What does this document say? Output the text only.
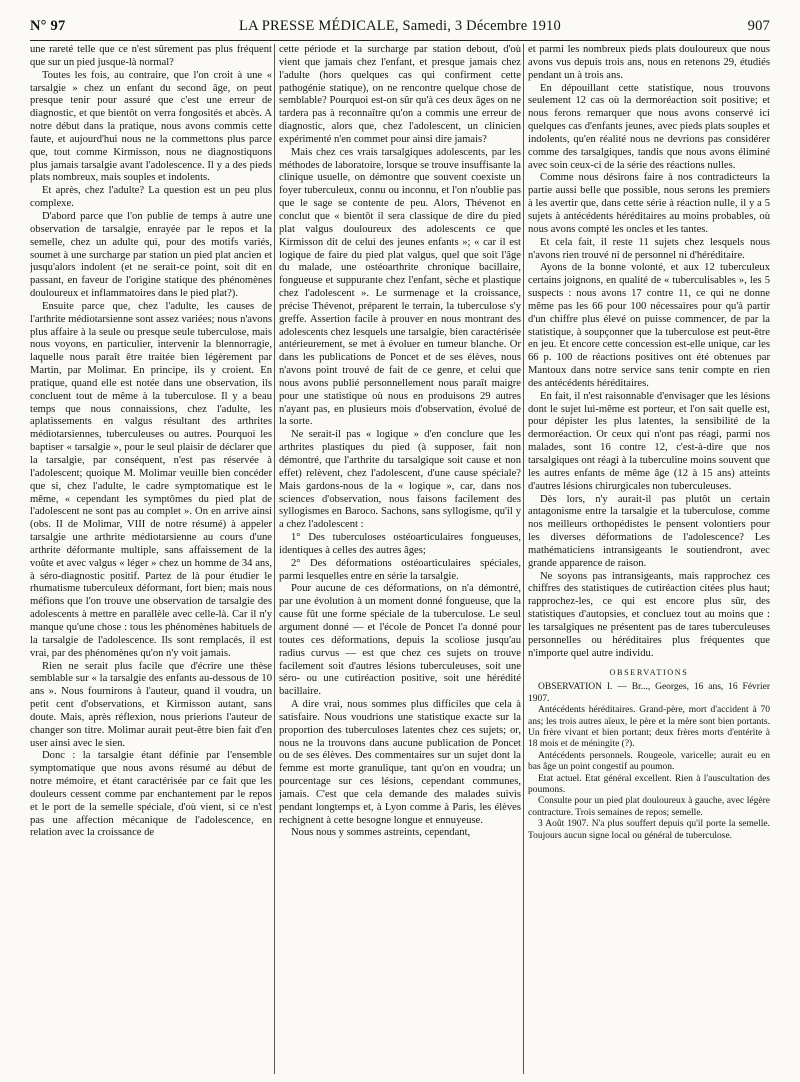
N° 97	LA PRESSE MÉDICALE, Samedi, 3 Décembre 1910	907

une rareté telle que ce n'est sûrement pas plus fréquent que sur un pied jusque-là normal?

Toutes les fois, au contraire, que l'on croit à une « tarsalgie » chez un enfant du second âge, on peut presque tenir pour assuré que c'est une erreur de diagnostic, et que bientôt on verra fongosités et abcès. A notre début dans la pratique, nous avons commis cette faute, et aujourd'hui nous ne la commettons plus parce que, tout comme Kirmisson, nous ne diagnostiquons plus jamais tarsalgie avant l'adolescence. Il y a des pieds plats nombreux, mais souples et indolents.

Et après, chez l'adulte? La question est un peu plus complexe.

D'abord parce que l'on publie de temps à autre une observation de tarsalgie, enrayée par le repos et la semelle, chez un adulte qui, pour des motifs variés, soumet à une surcharge par station un pied plat ancien et jusqu'alors indolent (et ne serait-ce point, soit dit en passant, en faveur de l'origine statique des phénomènes douloureux et inflammatoires dans le pied plat?).

Ensuite parce que, chez l'adulte, les causes de l'arthrite médiotarsienne sont assez variées; nous n'avons plus affaire à la seule ou presque seule tuberculose, mais nous voyons, en particulier, intervenir la blennorragie, laquelle nous paraît être traitée bien légèrement par Martin, par Molimar. En principe, ils y croient. En pratique, quand elle est notée dans une observation, ils concluent tout de même à la tuberculose. Il y a beau temps que nous connaissions, chez l'adulte, les aplatissements en valgus résultant des arthrites médiotarsiennes, tuberculeuses ou autres. Pourquoi les baptiser « tarsalgie », pour le seul plaisir de déclarer que la tarsalgie, par conséquent, n'est pas réservée à l'adolescent; quoique M. Molimar veuille bien concéder que si, chez l'adulte, le cadre symptomatique est le même, « cependant les symptômes du pied plat de l'adolescent ne sont pas au complet ». On en arrive ainsi (obs. II de Molimar, VIII de notre résumé) à appeler tarsalgie une arthrite médiotarsienne au cours d'une arthrite déformante multiple, sans affaissement de la voûte et avec valgus « léger » chez un homme de 34 ans, à séro-diagnostic positif. Partez de là pour étudier le rhumatisme tuberculeux déformant, fort bien; mais nous méfions que l'on trouve une observation de tarsalgie des adolescents à mettre en parallèle avec celle-là. Car il n'y manque qu'une chose : tous les phénomènes habituels de la tarsalgie de l'adolescence. Ils sont remplacés, il est vrai, par des phénomènes qu'on n'y voit jamais.

Rien ne serait plus facile que d'écrire une thèse semblable sur « la tarsalgie des enfants au-dessous de 10 ans ». Nous fournirons à l'auteur, quand il voudra, un petit cent d'observations, et Kirmisson autant, sans doute. Mais, après réflexion, nous prierions l'auteur de changer son titre. Molimar aurait peut-être bien fait d'en user ainsi avec le sien.

Donc : la tarsalgie étant définie par l'ensemble symptomatique que nous avons résumé au début de notre mémoire, et étant caractérisée par ce fait que les douleurs cessent comme par enchantement par le repos et le port de la semelle spéciale, d'où vient, si ce n'est pas une affection mécanique de l'adolescence, en relation avec la croissance de

cette période et la surcharge par station debout, d'où vient que jamais chez l'enfant, et presque jamais chez l'adulte (hors quelques cas qui confirment cette pathogénie statique), on ne rencontre quelque chose de semblable? Pourquoi est-on sûr qu'à ces deux âges on ne tardera pas à reconnaître qu'on a commis une erreur de diagnostic, alors que, chez l'adolescent, un clinicien expérimenté n'en commet pour ainsi dire jamais?

Mais chez ces vrais tarsalgiques adolescents, par les méthodes de laboratoire, lorsque se trouve insuffisante la clinique usuelle, on démontre que souvent coexiste un foyer tuberculeux, connu ou inconnu, et l'on n'oublie pas que le sage se contente de peu. Alors, Thévenot en conclut que « bientôt il sera classique de dire du pied plat valgus douloureux des adolescents ce que Kirmisson dit de celui des jeunes enfants »; « car il est logique de faire du pied plat valgus, quel que soit l'âge du malade, une ostéoarthrite chronique bacillaire, fongueuse et suppurante chez l'enfant, sèche et plastique chez l'adolescent ». Le surmenage et la croissance, précise Thévenot, préparent le terrain, la tuberculose s'y greffe. Assertion facile à prouver en nous montrant des adolescents chez lesquels une tarsalgie, bien caractérisée antérieurement, se met à évoluer en tumeur blanche. Or dans les publications de Poncet et de ses élèves, nous n'avons point trouvé de fait de ce genre, et celui que nous avons publié personnellement nous paraît maigre pour une statistique où nous en produisons 29 autres n'ayant pas, en plusieurs mois d'observation, évolué de la sorte.

Ne serait-il pas « logique » d'en conclure que les arthrites plastiques du pied (à supposer, fait non démontré, que l'arthrite du tarsalgique soit cause et non effet) relèvent, chez l'adolescent, d'une cause spéciale? Mais gardons-nous de la « logique », car, dans nos sciences d'observation, nous faisons facilement des syllogismes en Baroco. Sachons, sans syllogisme, qu'il y a chez l'adolescent :

1° Des tuberculoses ostéoarticulaires fongueuses, identiques à celles des autres âges;

2° Des déformations ostéoarticulaires spéciales, parmi lesquelles entre en série la tarsalgie.

Pour aucune de ces déformations, on n'a démontré, par une évolution à un moment donné fongueuse, que la cause fût une forme spéciale de la tuberculose. Le seul argument donné — et l'école de Poncet l'a donné pour toutes ces déformations, depuis la scoliose jusqu'au radius curvus — est que chez ces sujets on trouve facilement soit d'autres lésions tuberculeuses, soit une séro- ou une cutiréaction positive, soit une hérédité bacillaire.

A dire vrai, nous sommes plus difficiles que cela à satisfaire. Nous voudrions une statistique exacte sur la proportion des tuberculoses latentes chez ces sujets; or, nous ne la trouvons dans aucune publication de Poncet ou de ses élèves. Des commentaires sur un sujet dont la femme est morte granulique, tant qu'on en voudra; un pourcentage sur ces lésions, cependant communes, jamais. C'est que cela demande des malades suivis pendant longtemps et, à Lyon comme à Paris, les élèves rechignent à cette besogne longue et ennuyeuse.

Nous nous y sommes astreints, cependant,

et parmi les nombreux pieds plats douloureux que nous avons vus depuis trois ans, nous en retenons 29, étudiés pendant un à trois ans.

En dépouillant cette statistique, nous trouvons seulement 12 cas où la dermoréaction soit positive; et nous ferons remarquer que nous avons conservé ici quelques cas d'enfants jeunes, avec pieds plats souples et indolents, qu'en réalité nous ne devrions pas considérer comme des tarsalgiques, tandis que nous avons éliminé avec soin ceux-ci de la série des réactions nulles.

Comme nous désirons faire à nos contradicteurs la partie aussi belle que possible, nous serons les premiers à les avertir que, dans cette série à réaction nulle, il y a 5 sujets à antécédents héréditaires au moins probables, où nous avons compté les oncles et les tantes.

Et cela fait, il reste 11 sujets chez lesquels nous n'avons rien trouvé ni de personnel ni d'héréditaire.

Ayons de la bonne volonté, et aux 12 tuberculeux certains joignons, en qualité de « tuberculisables », les 5 suspects : nous avons 17 contre 11, ce qui ne donne même pas les 66 pour 100 nécessaires pour qu'à partir d'un chiffre plus élevé on puisse commencer, de par la statistique, à soupçonner que la tuberculose est peut-être en jeu. Et encore cette concession est-elle unique, car les 66 p. 100 de réactions positives ont été obtenues par Mantoux dans notre service sans tenir compte en rien des antécédents héréditaires.

En fait, il n'est raisonnable d'envisager que les lésions dont le sujet lui-même est porteur, et l'on sait quelle est, pour dépister les plus latentes, la sensibilité de la dermoréaction. Or ceux qui n'ont pas réagi, parmi nos malades, sont 16 contre 12, c'est-à-dire que nos tarsalgiques ont réagi à la tuberculine moins souvent que les autres enfants de même âge (12 à 15 ans) atteints d'autres lésions chirurgicales non tuberculeuses.

Dès lors, n'y aurait-il pas plutôt un certain antagonisme entre la tarsalgie et la tuberculose, comme nos meilleurs orthopédistes le pensent volontiers pour les diverses déformations de l'adolescence? Les mathématiciens intransigeants le soutiendront, avec grande apparence de raison.

Ne soyons pas intransigeants, mais rapprochez ces chiffres des statistiques de cutiréaction citées plus haut; rapprochez-les, ce qui est encore plus sûr, des statistiques d'autopsies, et concluez tout au moins que : les tarsalgiques ne présentent pas de tares tuberculeuses personnelles ou héréditaires plus fréquentes que n'importe quel autre individu.

OBSERVATIONS

OBSERVATION I. — Br..., Georges, 16 ans, 16 Février 1907.

Antécédents héréditaires. Grand-père, mort d'accident à 70 ans; les trois autres aïeux, le père et la mère sont bien portants. Un frère vivant et bien portant; deux frères morts d'entérite à 18 mois et de méningite (?).

Antécédents personnels. Rougeole, varicelle; aurait eu en bas âge un point congestif au poumon.

Etat actuel. Etat général excellent. Rien à l'auscultation des poumons.

Consulte pour un pied plat douloureux à gauche, avec légère contracture. Trois semaines de repos; semelle.

3 Août 1907. N'a plus souffert depuis qu'il porte la semelle. Toujours aucun signe local ou général de tuberculose.
